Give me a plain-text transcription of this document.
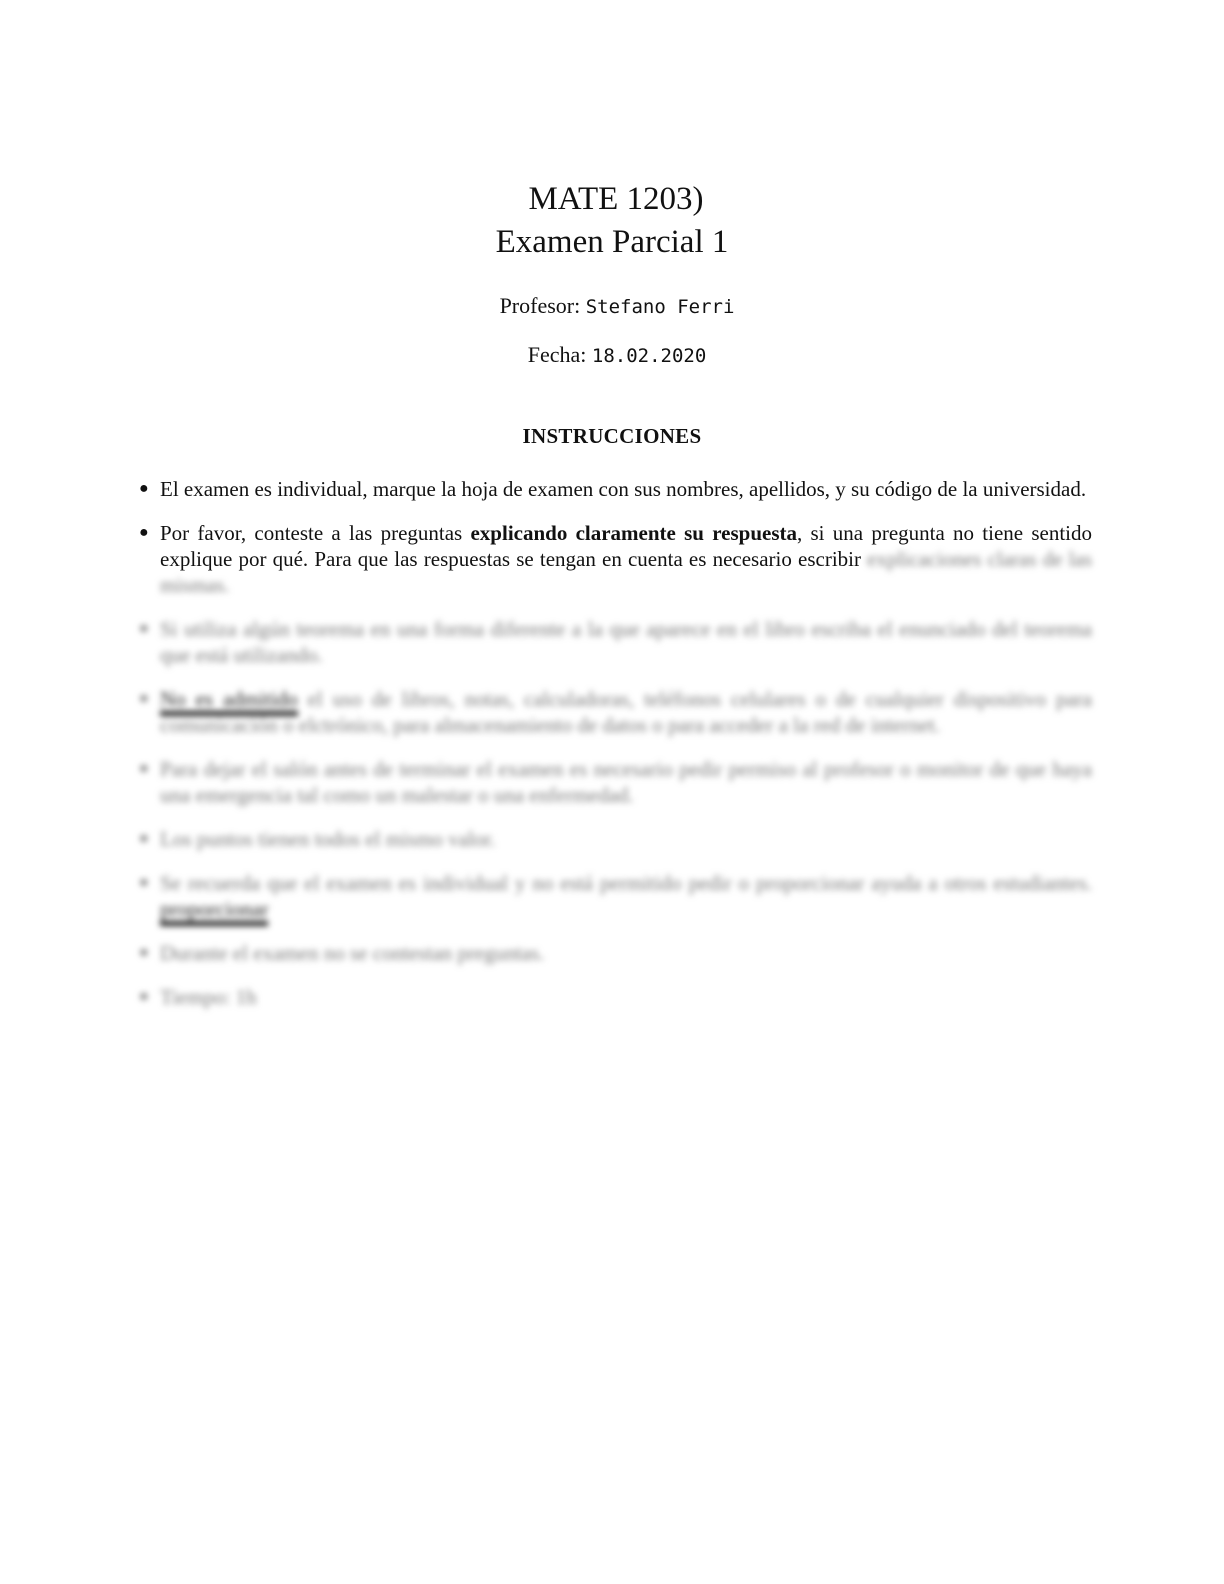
MATE 1203)

Examen Parcial 1

Profesor: Stefano Ferri

Fecha: 18.02.2020

INSTRUCCIONES
● El examen es individual, marque la hoja de examen con sus nombres, apellidos, y su código de la universidad.
● Por favor, conteste a las preguntas explicando claramente su respuesta, si una pregunta no tiene sentido explique por qué. Para que las respuestas se tengan en cuenta es necesario escribir explicaciones claras de las mismas.
● Si utiliza algún teorema en una forma diferente a la que aparece en el libro escriba el enunciado del teorema que está utilizando.
● No es admitido el uso de libros, notas, calculadoras, teléfonos celulares o de cualquier dispositivo para comunicación o elctrónico, para almacenamiento de datos o para acceder a la red de internet.
● Para dejar el salón antes de terminar el examen es necesario pedir permiso al profesor o monitor de que haya una emergencia tal como un malestar o una enfermedad.
● Los puntos tienen todos el mismo valor.
● Se recuerda que el examen es individual y no está permitido pedir o proporcionar ayuda a otros estudiantes. proporcionar
● Durante el examen no se contestan preguntas.
● Tiempo: 1h
